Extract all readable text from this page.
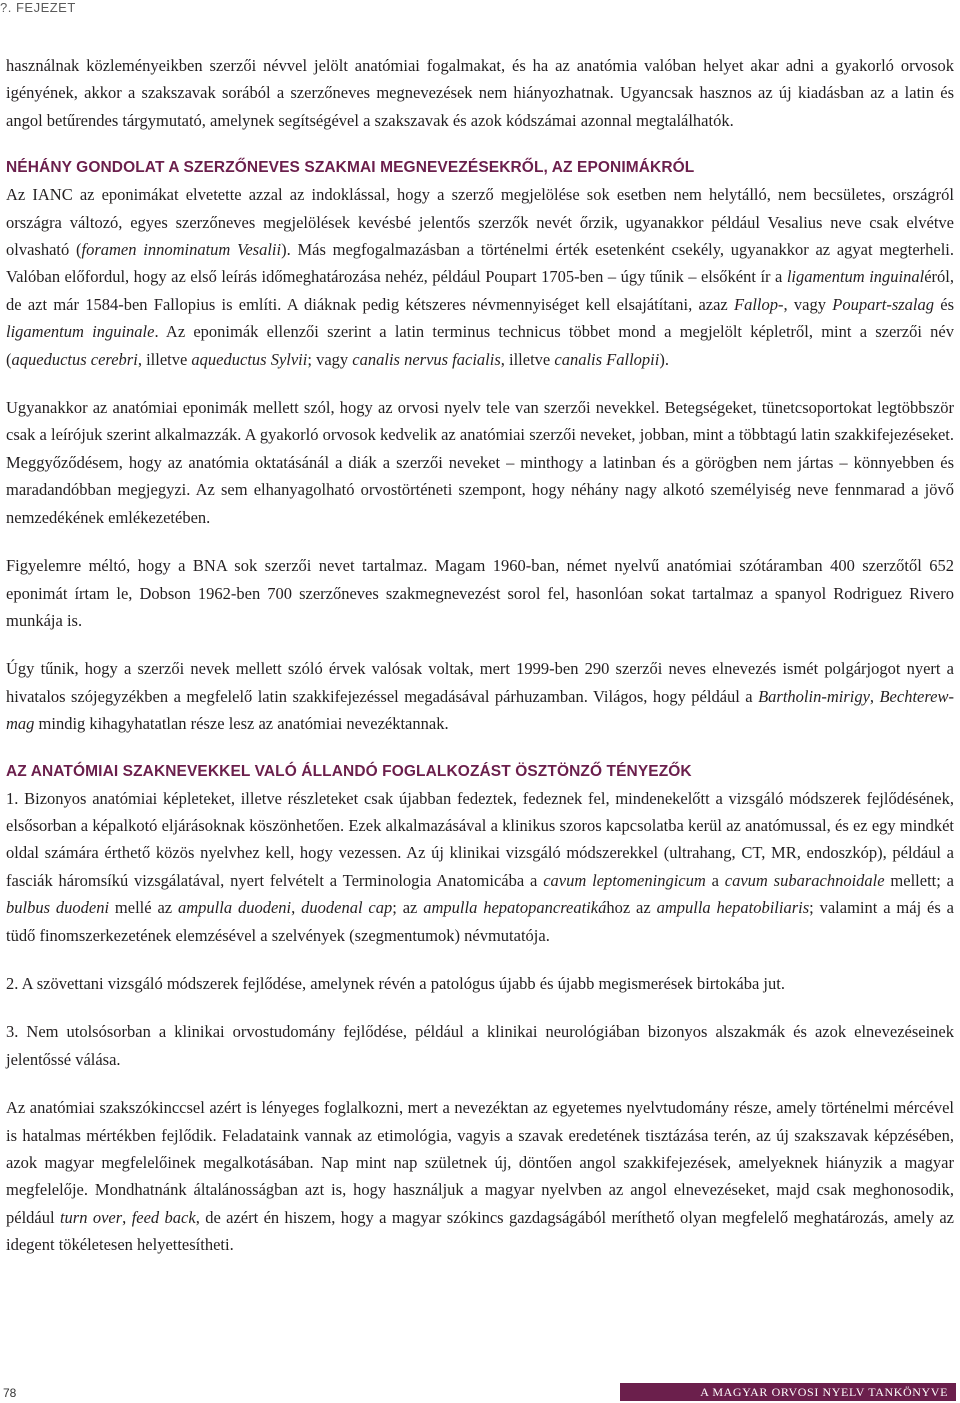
?. FEJEZET

használnak közleményeikben szerzői névvel jelölt anatómiai fogalmakat, és ha az anatómia valóban helyet akar adni a gyakorló orvosok igényének, akkor a szakszavak sorából a szerzőneves megnevezések nem hiányozhatnak. Ugyancsak hasznos az új kiadásban az a latin és angol betűrendes tárgymutató, amelynek segítségével a szakszavak és azok kódszámai azonnal megtalálhatók.

NÉHÁNY GONDOLAT A SZERZŐNEVES SZAKMAI MEGNEVEZÉSEKRŐL, AZ EPONIMÁKRÓL

Az IANC az eponimákat elvetette azzal az indoklással, hogy a szerző megjelölése sok esetben nem helytálló, nem becsületes, országról országra változó, egyes szerzőneves megjelölések kevésbé jelentős szerzők nevét őrzik, ugyanakkor például Vesalius neve csak elvétve olvasható (foramen innominatum Vesalii). Más megfogalmazásban a történelmi érték esetenként csekély, ugyanakkor az agyat megterheli. Valóban előfordul, hogy az első leírás időmeghatározása nehéz, például Poupart 1705-ben – úgy tűnik – elsőként ír a ligamentum inguinaléról, de azt már 1584-ben Fallopius is említi. A diáknak pedig kétszeres névmennyiséget kell elsajátítani, azaz Fallop-, vagy Poupart-szalag és ligamentum inguinale. Az eponimák ellenzői szerint a latin terminus technicus többet mond a megjelölt képletről, mint a szerzői név (aqueductus cerebri, illetve aqueductus Sylvii; vagy canalis nervus facialis, illetve canalis Fallopii).

Ugyanakkor az anatómiai eponimák mellett szól, hogy az orvosi nyelv tele van szerzői nevekkel. Betegségeket, tünetcsoportokat legtöbbször csak a leírójuk szerint alkalmazzák. A gyakorló orvosok kedvelik az anatómiai szerzői neveket, jobban, mint a többtagú latin szakkifejezéseket. Meggyőződésem, hogy az anatómia oktatásánál a diák a szerzői neveket – minthogy a latinban és a görögben nem jártas – könnyebben és maradandóbban megjegyzi. Az sem elhanyagolható orvostörténeti szempont, hogy néhány nagy alkotó személyiség neve fennmarad a jövő nemzedékének emlékezetében.

Figyelemre méltó, hogy a BNA sok szerzői nevet tartalmaz. Magam 1960-ban, német nyelvű anatómiai szótáramban 400 szerzőtől 652 eponimát írtam le, Dobson 1962-ben 700 szerzőneves szakmegnevezést sorol fel, hasonlóan sokat tartalmaz a spanyol Rodriguez Rivero munkája is.

Úgy tűnik, hogy a szerzői nevek mellett szóló érvek valósak voltak, mert 1999-ben 290 szerzői neves elnevezés ismét polgárjogot nyert a hivatalos szójegyzékben a megfelelő latin szakkifejezéssel megadásával párhuzamban. Világos, hogy például a Bartholin-mirigy, Bechterew-mag mindig kihagyhatatlan része lesz az anatómiai nevezéktannak.

AZ ANATÓMIAI SZAKNEVEKKEL VALÓ ÁLLANDÓ FOGLALKOZÁST ÖSZTÖNZŐ TÉNYEZŐK

1. Bizonyos anatómiai képleteket, illetve részleteket csak újabban fedeztek, fedeznek fel, mindenekelőtt a vizsgáló módszerek fejlődésének, elsősorban a képalkotó eljárásoknak köszönhetően. Ezek alkalmazásával a klinikus szoros kapcsolatba kerül az anatómussal, és ez egy mindkét oldal számára érthető közös nyelvhez kell, hogy vezessen. Az új klinikai vizsgáló módszerekkel (ultrahang, CT, MR, endoszkóp), például a fasciák háromsíkú vizsgálatával, nyert felvételt a Terminologia Anatomicába a cavum leptomeningicum a cavum subarachnoidale mellett; a bulbus duodeni mellé az ampulla duodeni, duodenal cap; az ampulla hepatopancreatikához az ampulla hepatobiliaris; valamint a máj és a tüdő finomszerkezetének elemzésével a szelvények (szegmentumok) névmutatója.

2. A szövettani vizsgáló módszerek fejlődése, amelynek révén a patológus újabb és újabb megismerések birtokába jut.

3. Nem utolsósorban a klinikai orvostudomány fejlődése, például a klinikai neurológiában bizonyos alszakmák és azok elnevezéseinek jelentőssé válása.

Az anatómiai szakszókinccsel azért is lényeges foglalkozni, mert a nevezéktan az egyetemes nyelvtudomány része, amely történelmi mércével is hatalmas mértékben fejlődik. Feladataink vannak az etimológia, vagyis a szavak eredetének tisztázása terén, az új szakszavak képzésében, azok magyar megfelelőinek megalkotásában. Nap mint nap születnek új, döntően angol szakkifejezések, amelyeknek hiányzik a magyar megfelelője. Mondhatnánk általánosságban azt is, hogy használjuk a magyar nyelvben az angol elnevezéseket, majd csak meghonosodik, például turn over, feed back, de azért én hiszem, hogy a magyar szókincs gazdagságából meríthető olyan megfelelő meghatározás, amely az idegent tökéletesen helyettesítheti.

78	A MAGYAR ORVOSI NYELV TANKÖNYVE
